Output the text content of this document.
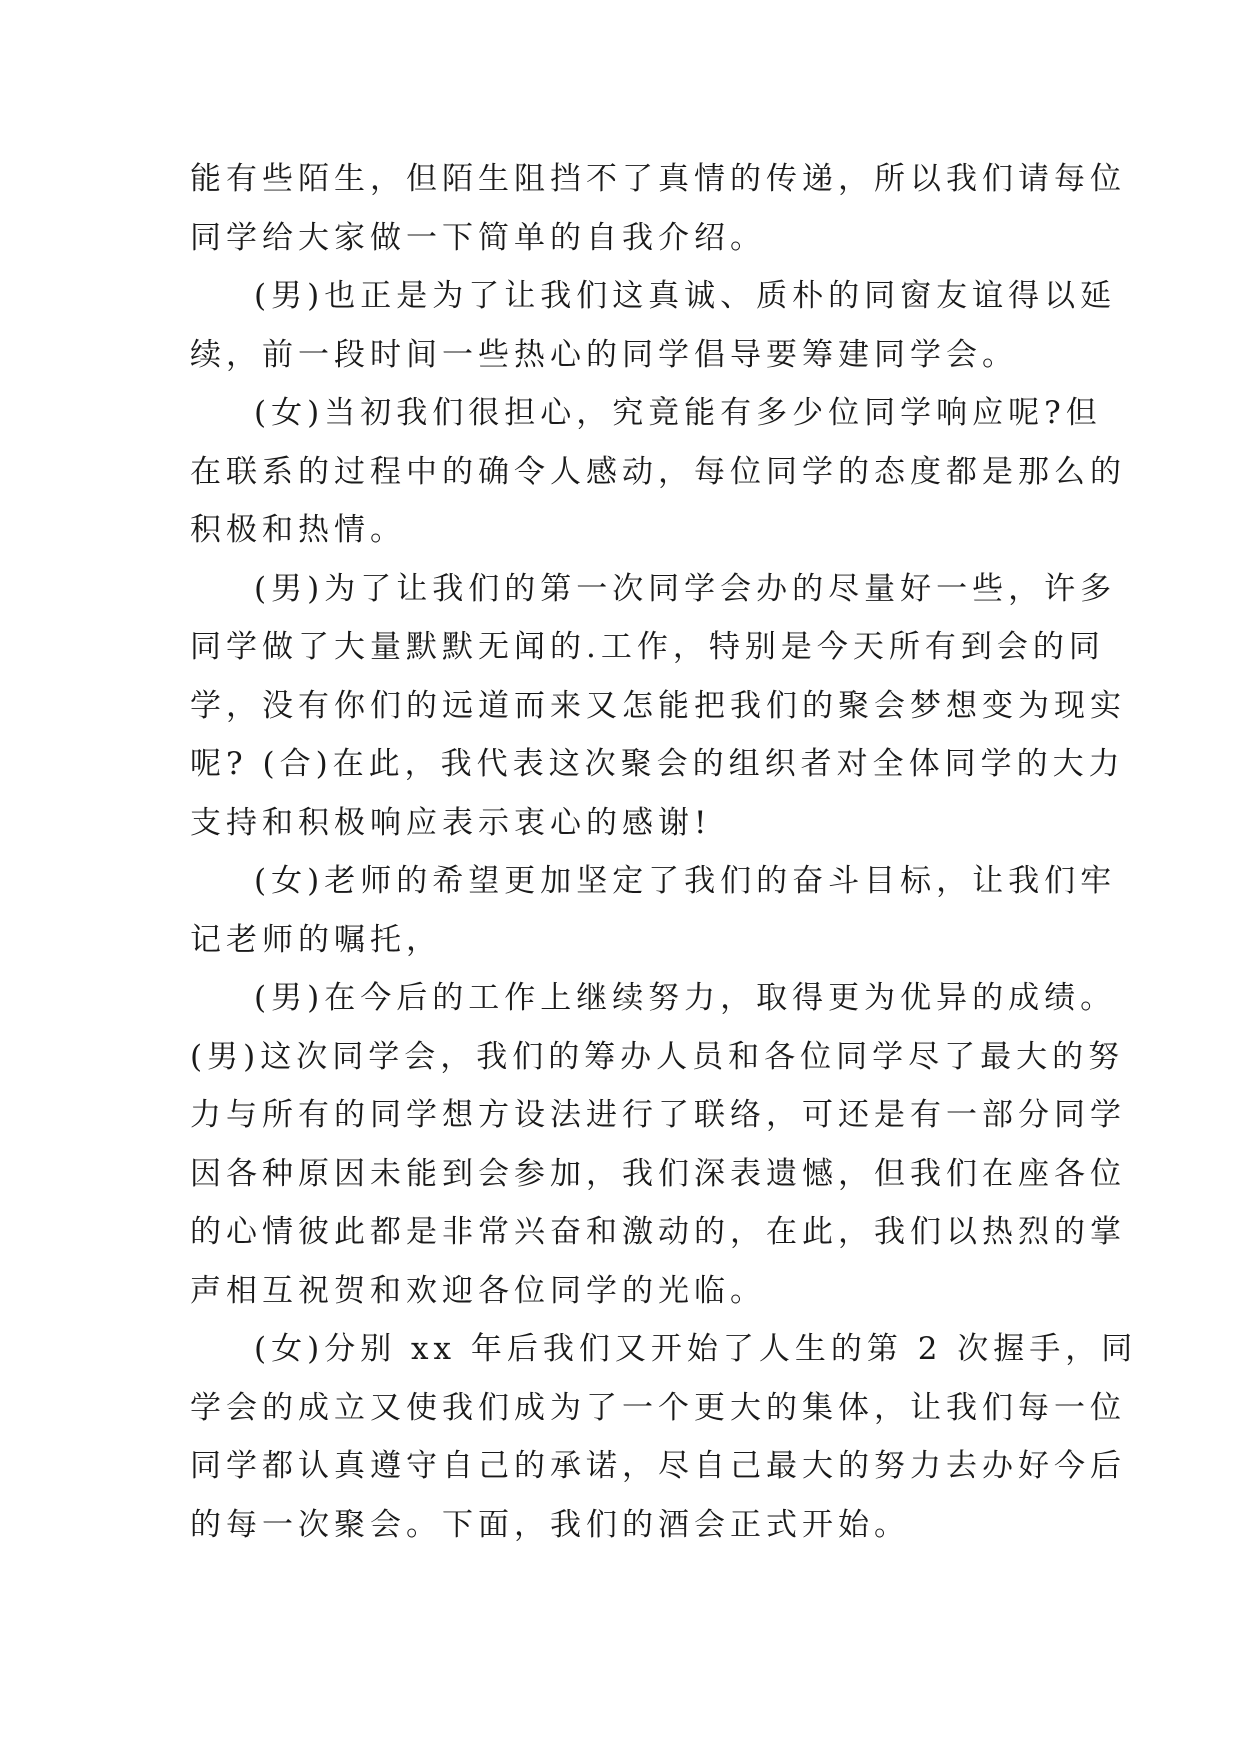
能有些陌生，但陌生阻挡不了真情的传递，所以我们请每位
同学给大家做一下简单的自我介绍。
(男)也正是为了让我们这真诚、质朴的同窗友谊得以延
续，前一段时间一些热心的同学倡导要筹建同学会。
(女)当初我们很担心，究竟能有多少位同学响应呢?但
在联系的过程中的确令人感动，每位同学的态度都是那么的
积极和热情。
(男)为了让我们的第一次同学会办的尽量好一些，许多
同学做了大量默默无闻的.工作，特别是今天所有到会的同
学，没有你们的远道而来又怎能把我们的聚会梦想变为现实
呢? (合)在此，我代表这次聚会的组织者对全体同学的大力
支持和积极响应表示衷心的感谢!
(女)老师的希望更加坚定了我们的奋斗目标，让我们牢
记老师的嘱托，
(男)在今后的工作上继续努力，取得更为优异的成绩。
(男)这次同学会，我们的筹办人员和各位同学尽了最大的努
力与所有的同学想方设法进行了联络，可还是有一部分同学
因各种原因未能到会参加，我们深表遗憾，但我们在座各位
的心情彼此都是非常兴奋和激动的，在此，我们以热烈的掌
声相互祝贺和欢迎各位同学的光临。
(女)分别 xx 年后我们又开始了人生的第 2 次握手，同
学会的成立又使我们成为了一个更大的集体，让我们每一位
同学都认真遵守自己的承诺，尽自己最大的努力去办好今后
的每一次聚会。下面，我们的酒会正式开始。
